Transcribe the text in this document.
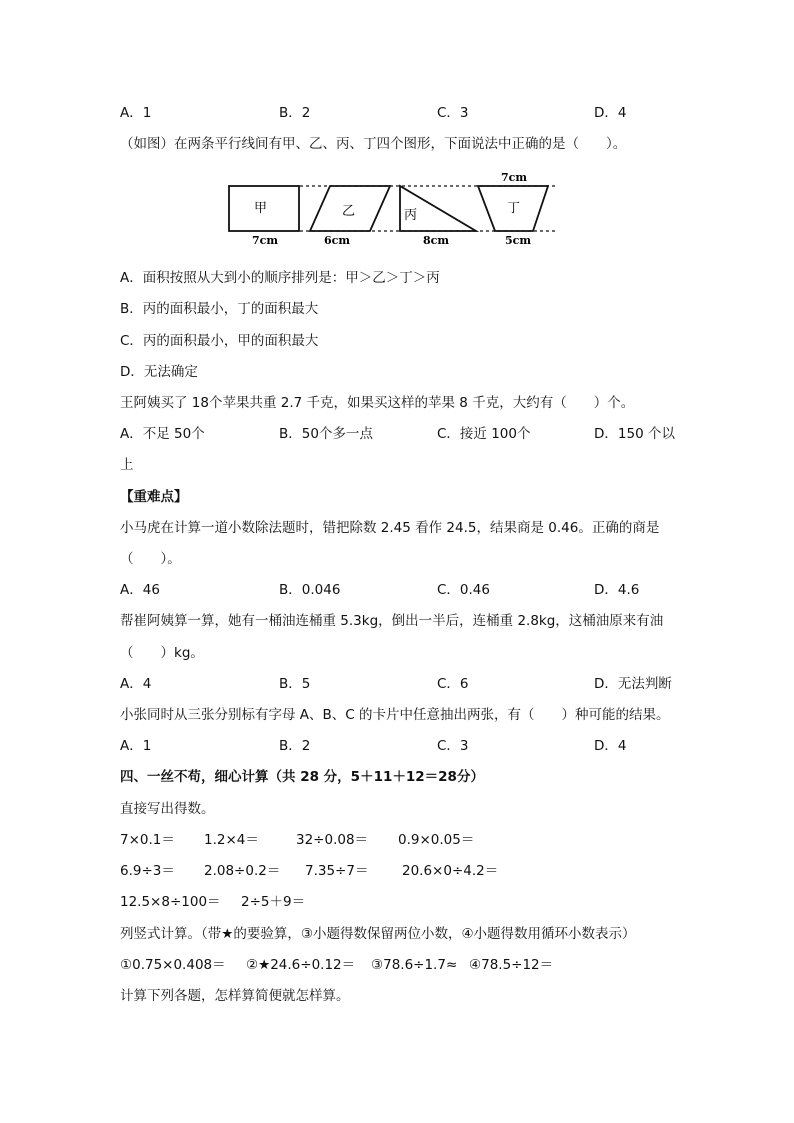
A．1	B．2	C．3	D．4
（如图）在两条平行线间有甲、乙、丙、丁四个图形，下面说法中正确的是（　　）。
甲	乙	丙	丁
7cm
7cm	6cm	8cm	5cm
A．面积按照从大到小的顺序排列是：甲＞乙＞丁＞丙
B．丙的面积最小，丁的面积最大
C．丙的面积最小，甲的面积最大
D．无法确定
王阿姨买了 18个苹果共重 2.7 千克，如果买这样的苹果 8 千克，大约有（　　）个。
A．不足 50个	B．50个多一点	C．接近 100个	D．150 个以
上
【重难点】
小马虎在计算一道小数除法题时，错把除数 2.45 看作 24.5，结果商是 0.46。正确的商是
（　　）。
A．46	B．0.046	C．0.46	D．4.6
帮崔阿姨算一算，她有一桶油连桶重 5.3kg，倒出一半后，连桶重 2.8kg，这桶油原来有油
（　　）kg。
A．4	B．5	C．6	D．无法判断
小张同时从三张分别标有字母 A、B、C 的卡片中任意抽出两张，有（　　）种可能的结果。
A．1	B．2	C．3	D．4
四、一丝不苟，细心计算（共 28 分，5＋11＋12＝28分）
直接写出得数。
7×0.1＝ 1.2×4＝	32÷0.08＝ 0.9×0.05＝
6.9÷3＝ 2.08÷0.2＝ 7.35÷7＝ 20.6×0÷4.2＝
12.5×8÷100＝ 2÷5＋9＝
列竖式计算。（带★的要验算，③小题得数保留两位小数，④小题得数用循环小数表示）
①0.75×0.408＝ ②★24.6÷0.12＝ ③78.6÷1.7≈ ④78.5÷12＝
计算下列各题，怎样算简便就怎样算。
